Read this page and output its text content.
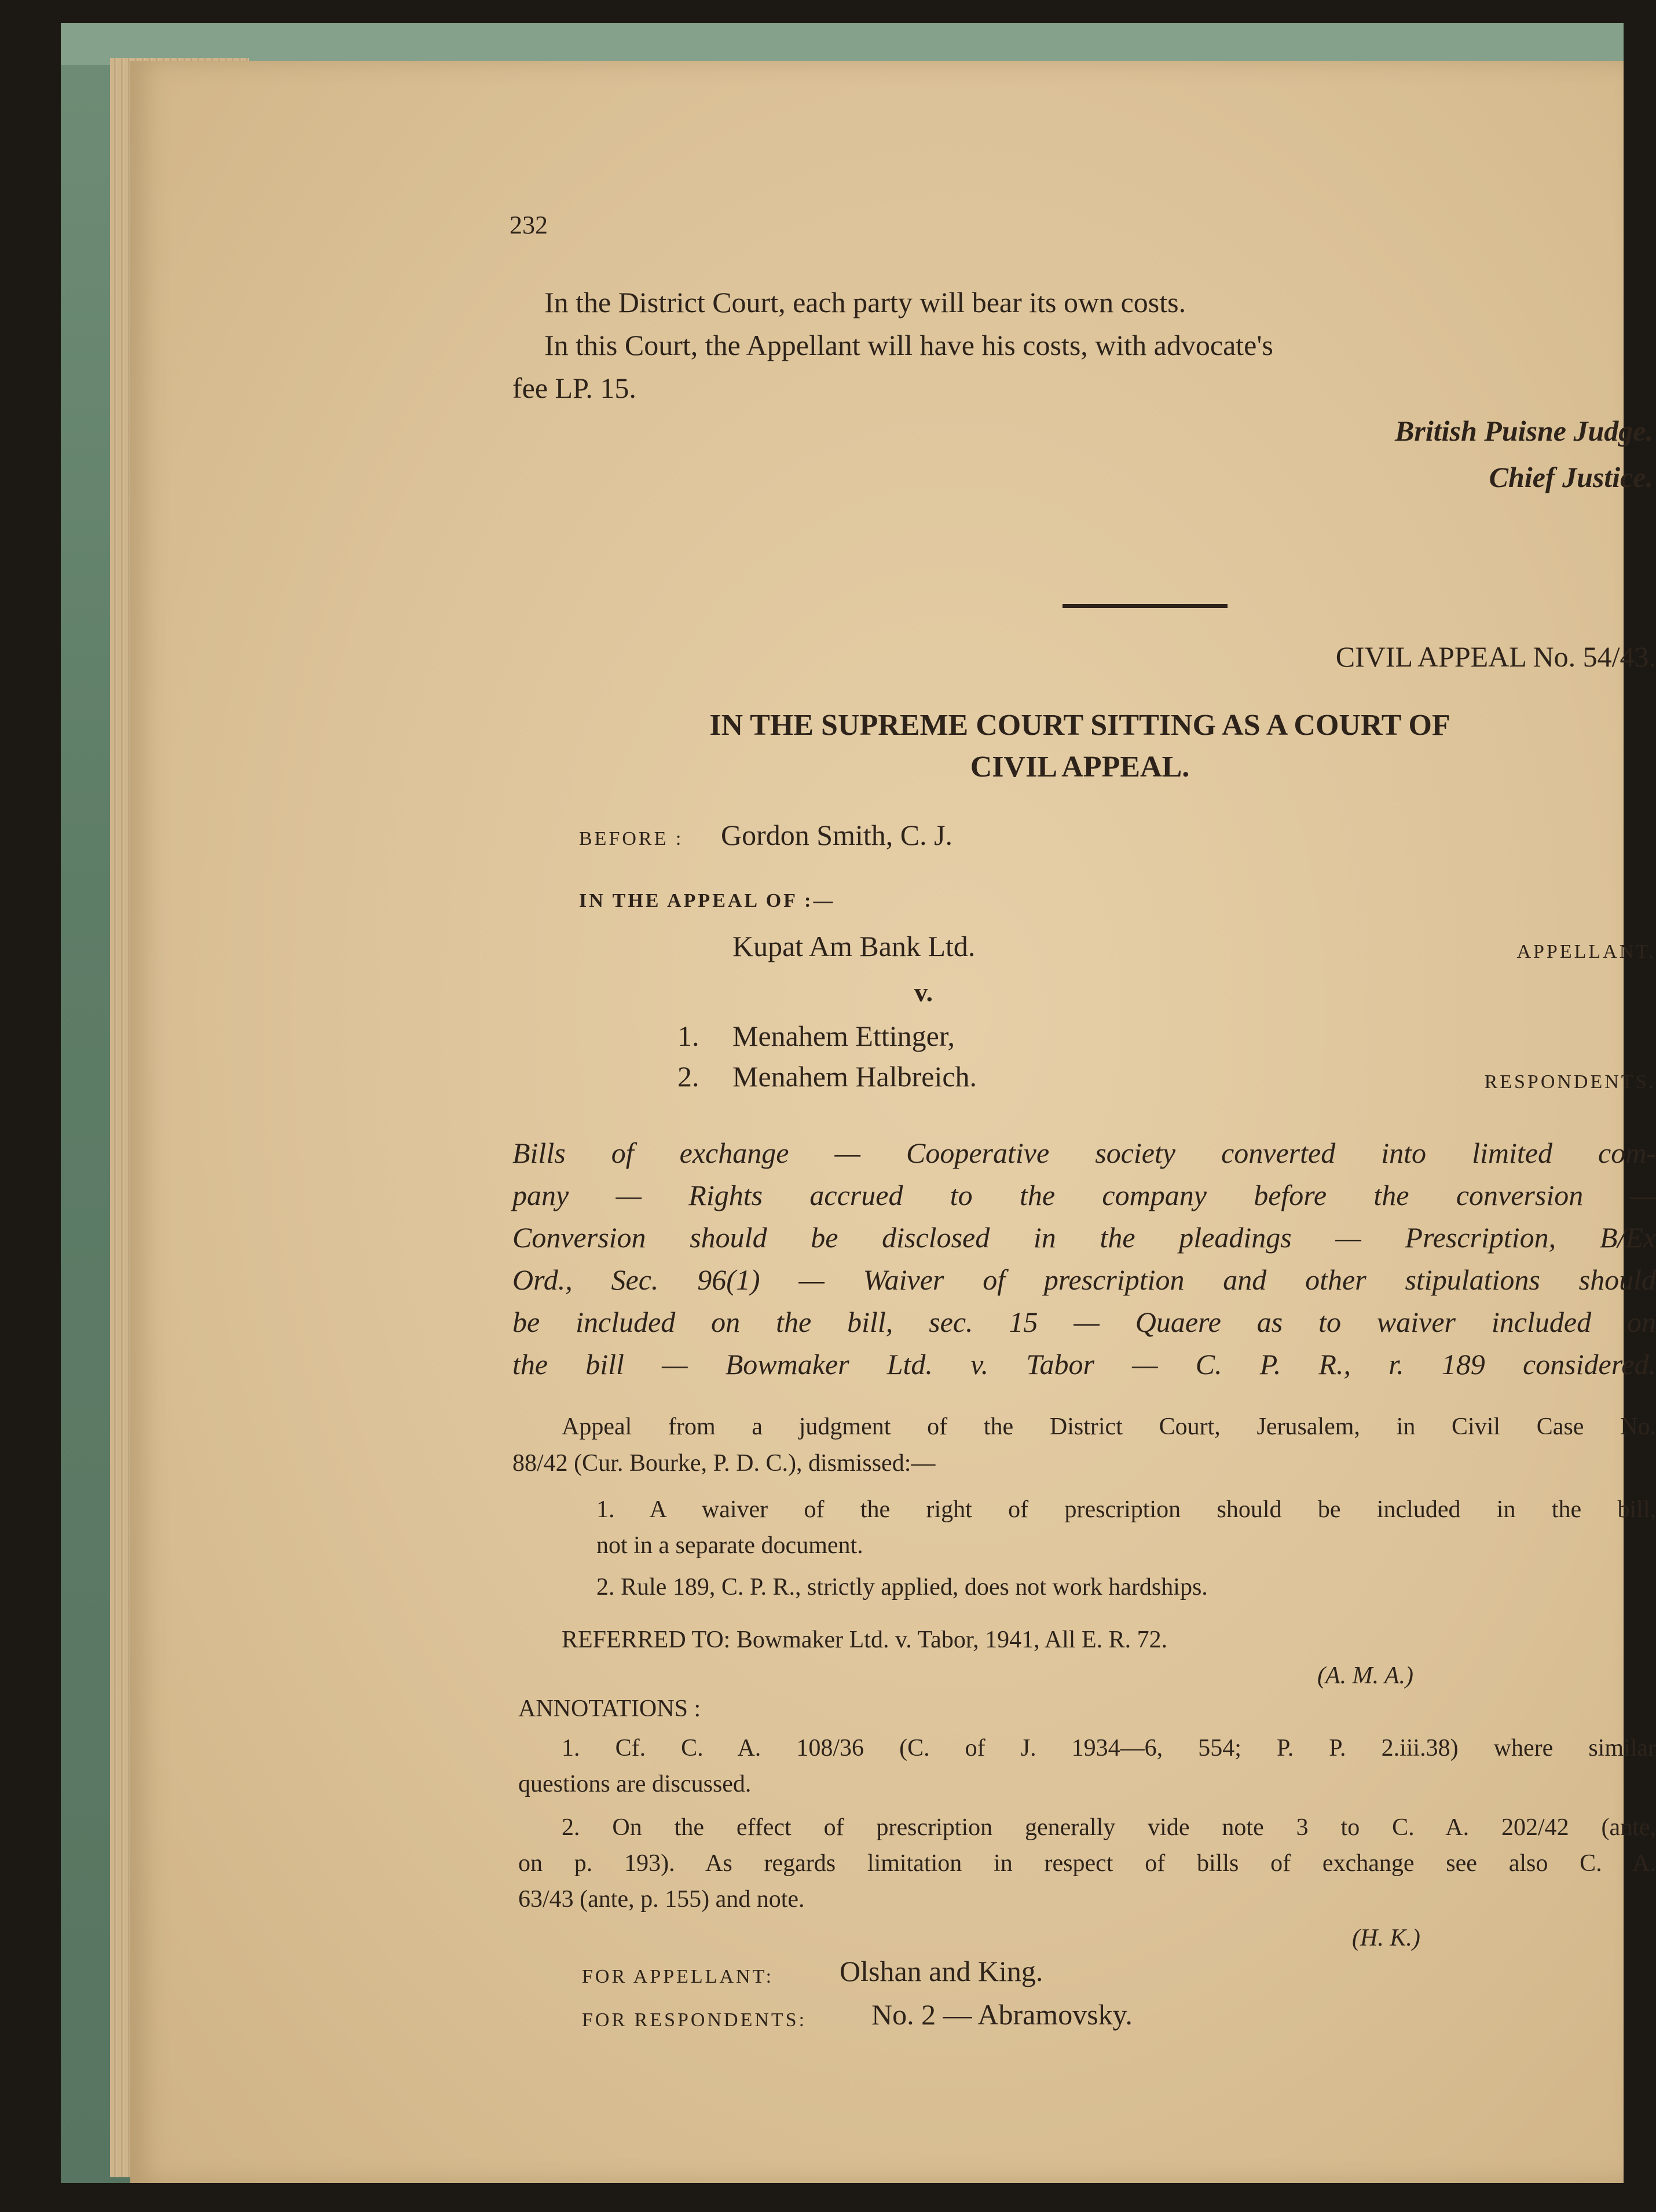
232
In the District Court, each party will bear its own costs.
In this Court, the Appellant will have his costs, with advocate's
fee LP. 15.
British Puisne Judge.
Chief Justice.
CIVIL APPEAL No. 54/43.
IN THE SUPREME COURT SITTING AS A COURT OF
CIVIL APPEAL.
BEFORE : Gordon Smith, C. J.
IN THE APPEAL OF :—
Kupat Am Bank Ltd.	APPELLANT.
v.
1. Menahem Ettinger,
2. Menahem Halbreich.	RESPONDENTS.
Bills of exchange — Cooperative society converted into limited com-
pany — Rights accrued to the company before the conversion —
Conversion should be disclosed in the pleadings — Prescription, B/Ex
Ord., Sec. 96(1) — Waiver of prescription and other stipulations should
be included on the bill, sec. 15 — Quaere as to waiver included on
the bill — Bowmaker Ltd. v. Tabor — C. P. R., r. 189 considered.
Appeal from a judgment of the District Court, Jerusalem, in Civil Case No.
88/42 (Cur. Bourke, P. D. C.), dismissed:—
1. A waiver of the right of prescription should be included in the bill,
not in a separate document.
2. Rule 189, C. P. R., strictly applied, does not work hardships.
REFERRED TO: Bowmaker Ltd. v. Tabor, 1941, All E. R. 72.
(A. M. A.)
ANNOTATIONS :
1. Cf. C. A. 108/36 (C. of J. 1934—6, 554; P. P. 2.iii.38) where similar
questions are discussed.
2. On the effect of prescription generally vide note 3 to C. A. 202/42 (ante,
on p. 193). As regards limitation in respect of bills of exchange see also C. A.
63/43 (ante, p. 155) and note.
(H. K.)
FOR APPELLANT: Olshan and King.
FOR RESPONDENTS: No. 2 — Abramovsky.
